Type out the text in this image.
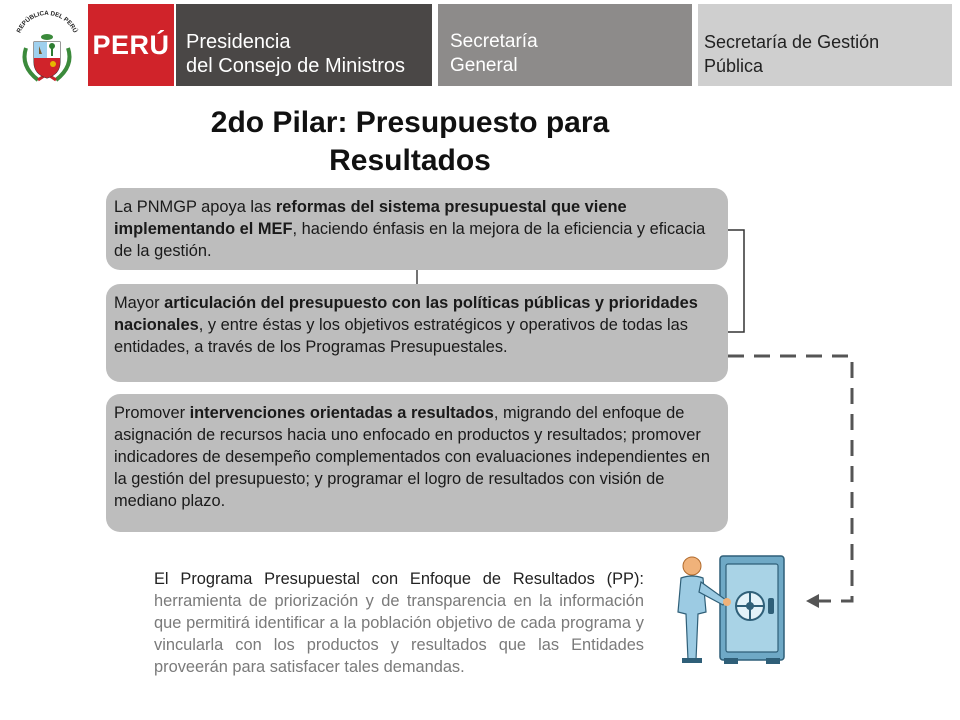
REPÚBLICA DEL PERÚ PERÚ Presidencia
del Consejo de Ministros
Secretaría
General
Secretaría de Gestión
Pública
2do Pilar: Presupuesto para
Resultados
La PNMGP apoya las reformas del sistema presupuestal que viene implementando el MEF, haciendo énfasis en la mejora de la eficiencia y eficacia de la gestión.
Mayor articulación del presupuesto con las políticas públicas y prioridades nacionales, y entre éstas y los objetivos estratégicos y operativos de todas las entidades, a través de los Programas Presupuestales.
Promover intervenciones orientadas a resultados, migrando del enfoque de asignación de recursos hacia uno enfocado en productos y resultados; promover indicadores de desempeño complementados con evaluaciones independientes en la gestión del presupuesto; y programar el logro de resultados con visión de mediano plazo.
El Programa Presupuestal con Enfoque de Resultados (PP): herramienta de priorización y de transparencia en la información que permitirá identificar a la población objetivo de cada programa y vincularla con los productos y resultados que las Entidades proveerán para satisfacer tales demandas.
